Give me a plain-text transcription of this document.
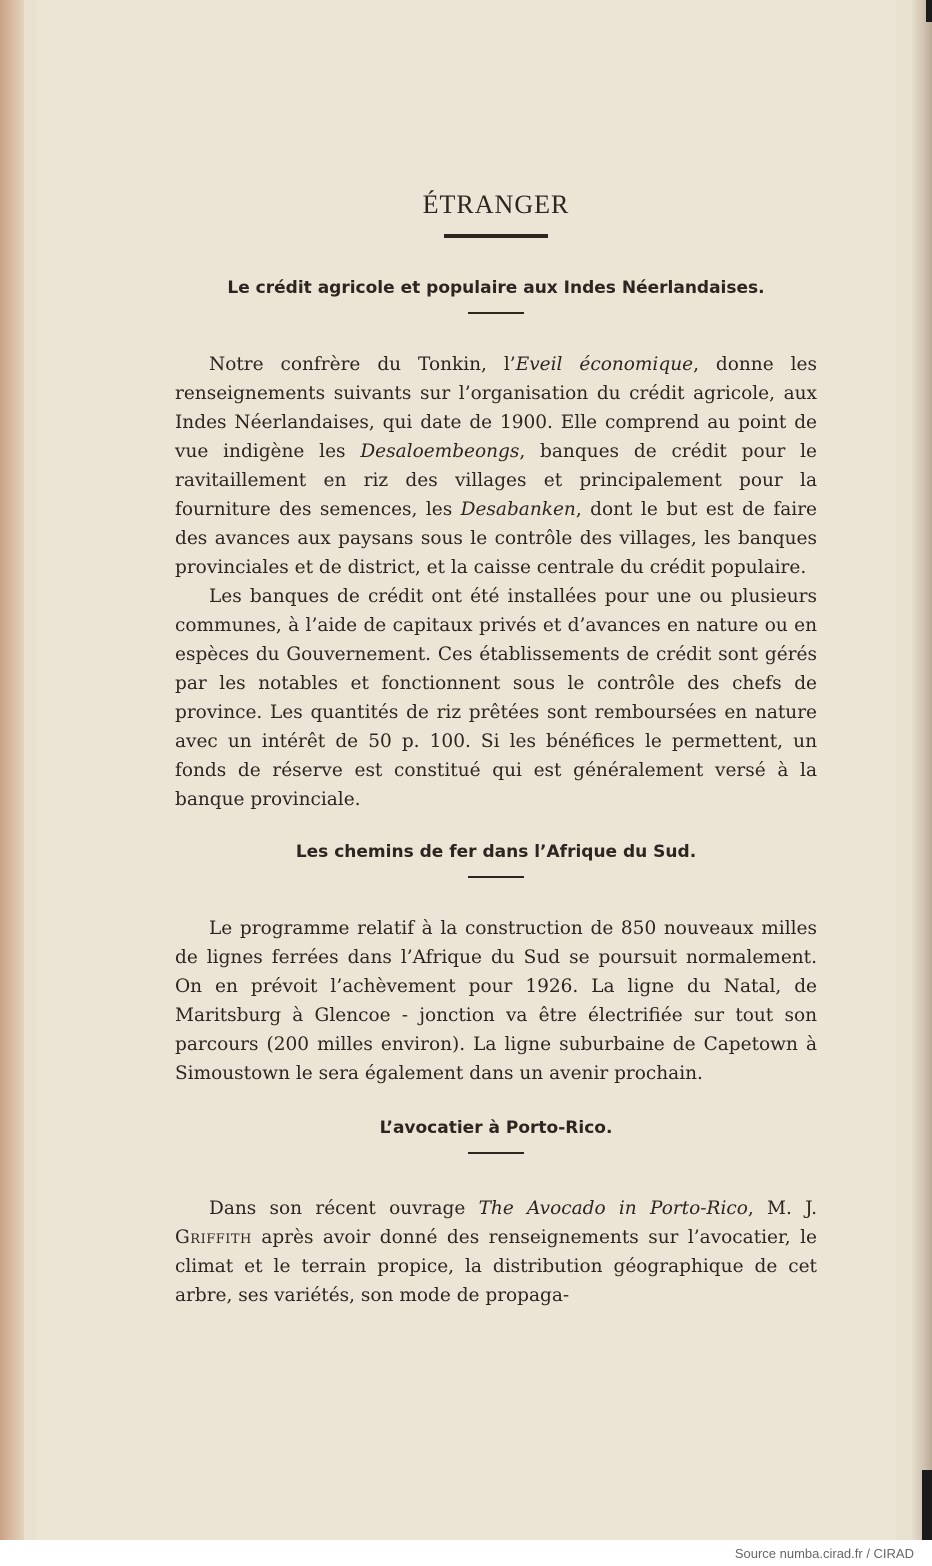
ÉTRANGER
Le crédit agricole et populaire aux Indes Néerlandaises.

Notre confrère du Tonkin, l’Eveil économique, donne les renseignements suivants sur l’organisation du crédit agricole, aux Indes Néerlandaises, qui date de 1900. Elle comprend au point de vue indigène les Desaloembeongs, banques de crédit pour le ravitaillement en riz des villages et principalement pour la fourniture des semences, les Desabanken, dont le but est de faire des avances aux paysans sous le contrôle des villages, les banques provinciales et de district, et la caisse centrale du crédit populaire.

Les banques de crédit ont été installées pour une ou plusieurs communes, à l’aide de capitaux privés et d’avances en nature ou en espèces du Gouvernement. Ces établissements de crédit sont gérés par les notables et fonctionnent sous le contrôle des chefs de province. Les quantités de riz prêtées sont remboursées en nature avec un intérêt de 50 p. 100. Si les bénéfices le permettent, un fonds de réserve est constitué qui est généralement versé à la banque provinciale.

Les chemins de fer dans l’Afrique du Sud.

Le programme relatif à la construction de 850 nouveaux milles de lignes ferrées dans l’Afrique du Sud se poursuit normalement. On en prévoit l’achèvement pour 1926. La ligne du Natal, de Maritsburg à Glencoe - jonction va être électrifiée sur tout son parcours (200 milles environ). La ligne suburbaine de Capetown à Simoustown le sera également dans un avenir prochain.

L’avocatier à Porto-Rico.

Dans son récent ouvrage The Avocado in Porto-Rico, M. J. Griffith après avoir donné des renseignements sur l’avocatier, le climat et le terrain propice, la distribution géographique de cet arbre, ses variétés, son mode de propaga-

Source numba.cirad.fr / CIRAD
